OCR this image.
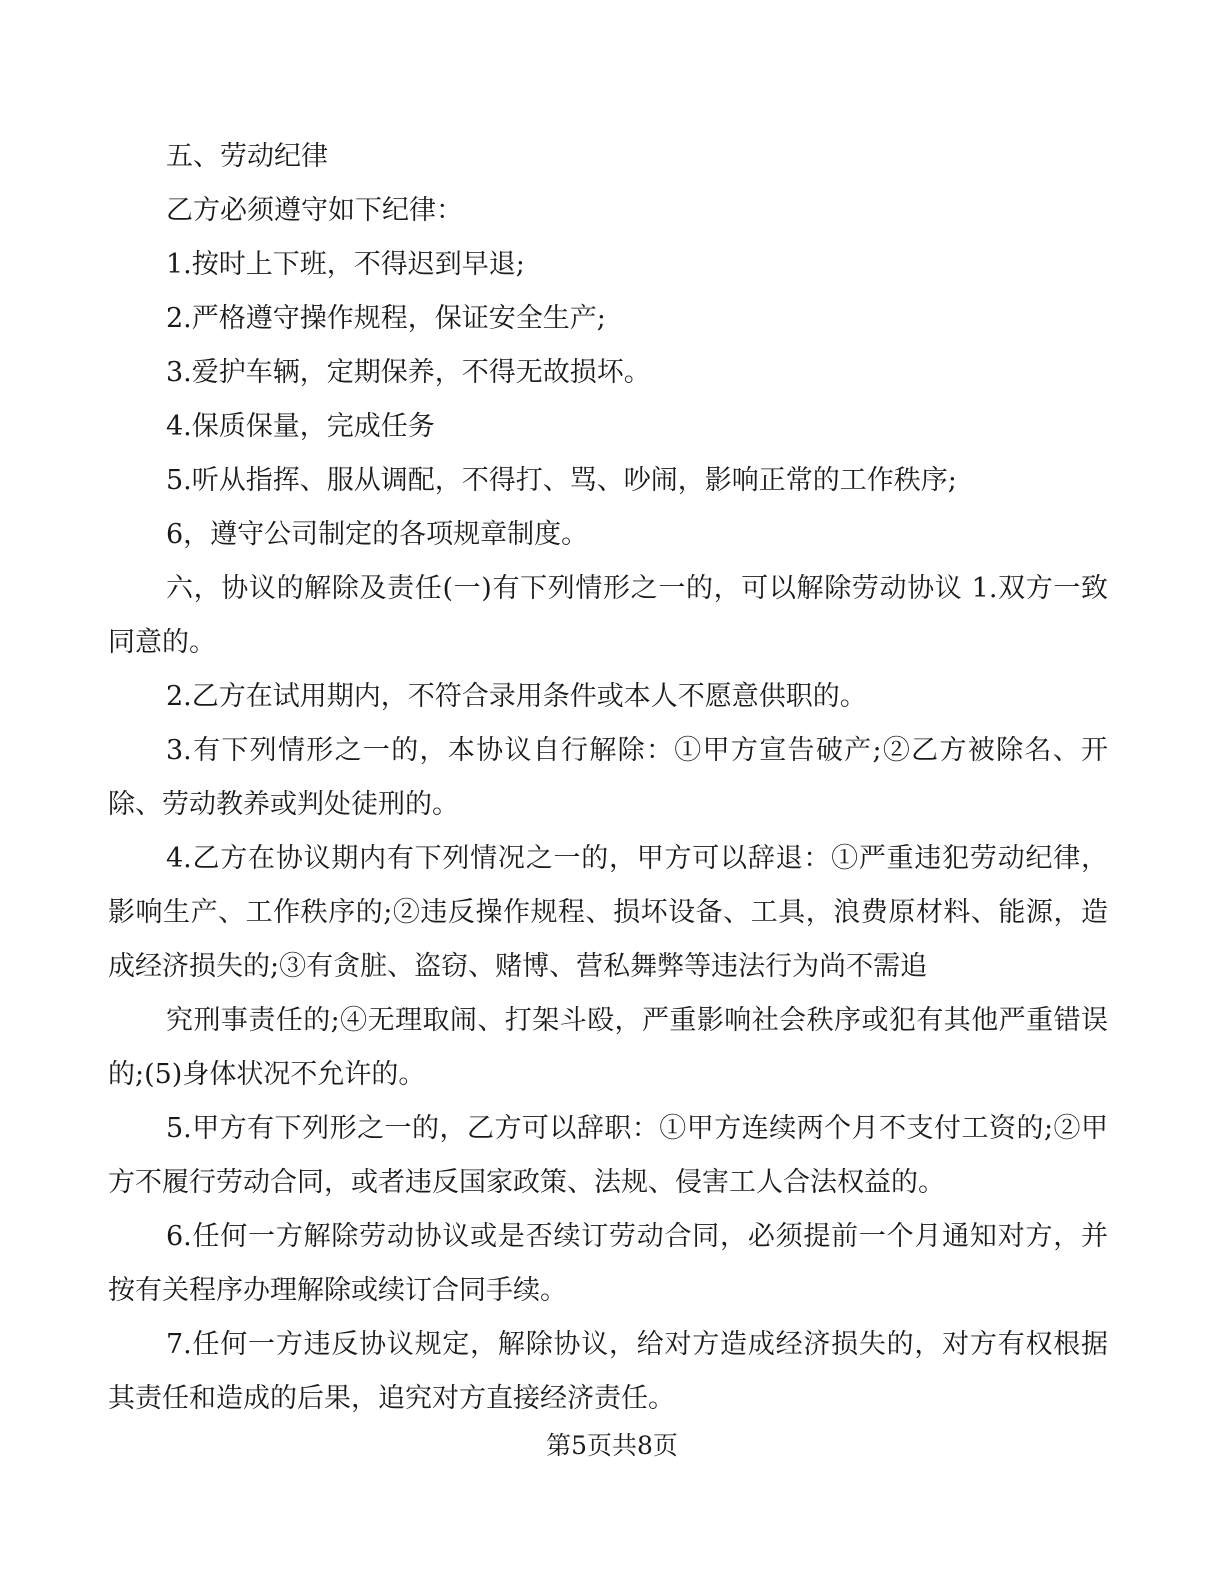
五、劳动纪律

乙方必须遵守如下纪律：

1.按时上下班，不得迟到早退;

2.严格遵守操作规程，保证安全生产;

3.爱护车辆，定期保养，不得无故损坏。

4.保质保量，完成任务

5.听从指挥、服从调配，不得打、骂、吵闹，影响正常的工作秩序;

6，遵守公司制定的各项规章制度。

六，协议的解除及责任(一)有下列情形之一的，可以解除劳动协议 1.双方一致同意的。

2.乙方在试用期内，不符合录用条件或本人不愿意供职的。

3.有下列情形之一的，本协议自行解除：①甲方宣告破产;②乙方被除名、开除、劳动教养或判处徒刑的。

4.乙方在协议期内有下列情况之一的，甲方可以辞退：①严重违犯劳动纪律，影响生产、工作秩序的;②违反操作规程、损坏设备、工具，浪费原材料、能源，造成经济损失的;③有贪脏、盗窃、赌博、营私舞弊等违法行为尚不需追

究刑事责任的;④无理取闹、打架斗殴，严重影响社会秩序或犯有其他严重错误的;(5)身体状况不允许的。

5.甲方有下列形之一的，乙方可以辞职：①甲方连续两个月不支付工资的;②甲方不履行劳动合同，或者违反国家政策、法规、侵害工人合法权益的。

6.任何一方解除劳动协议或是否续订劳动合同，必须提前一个月通知对方，并按有关程序办理解除或续订合同手续。

7.任何一方违反协议规定，解除协议，给对方造成经济损失的，对方有权根据其责任和造成的后果，追究对方直接经济责任。

第5页共8页
